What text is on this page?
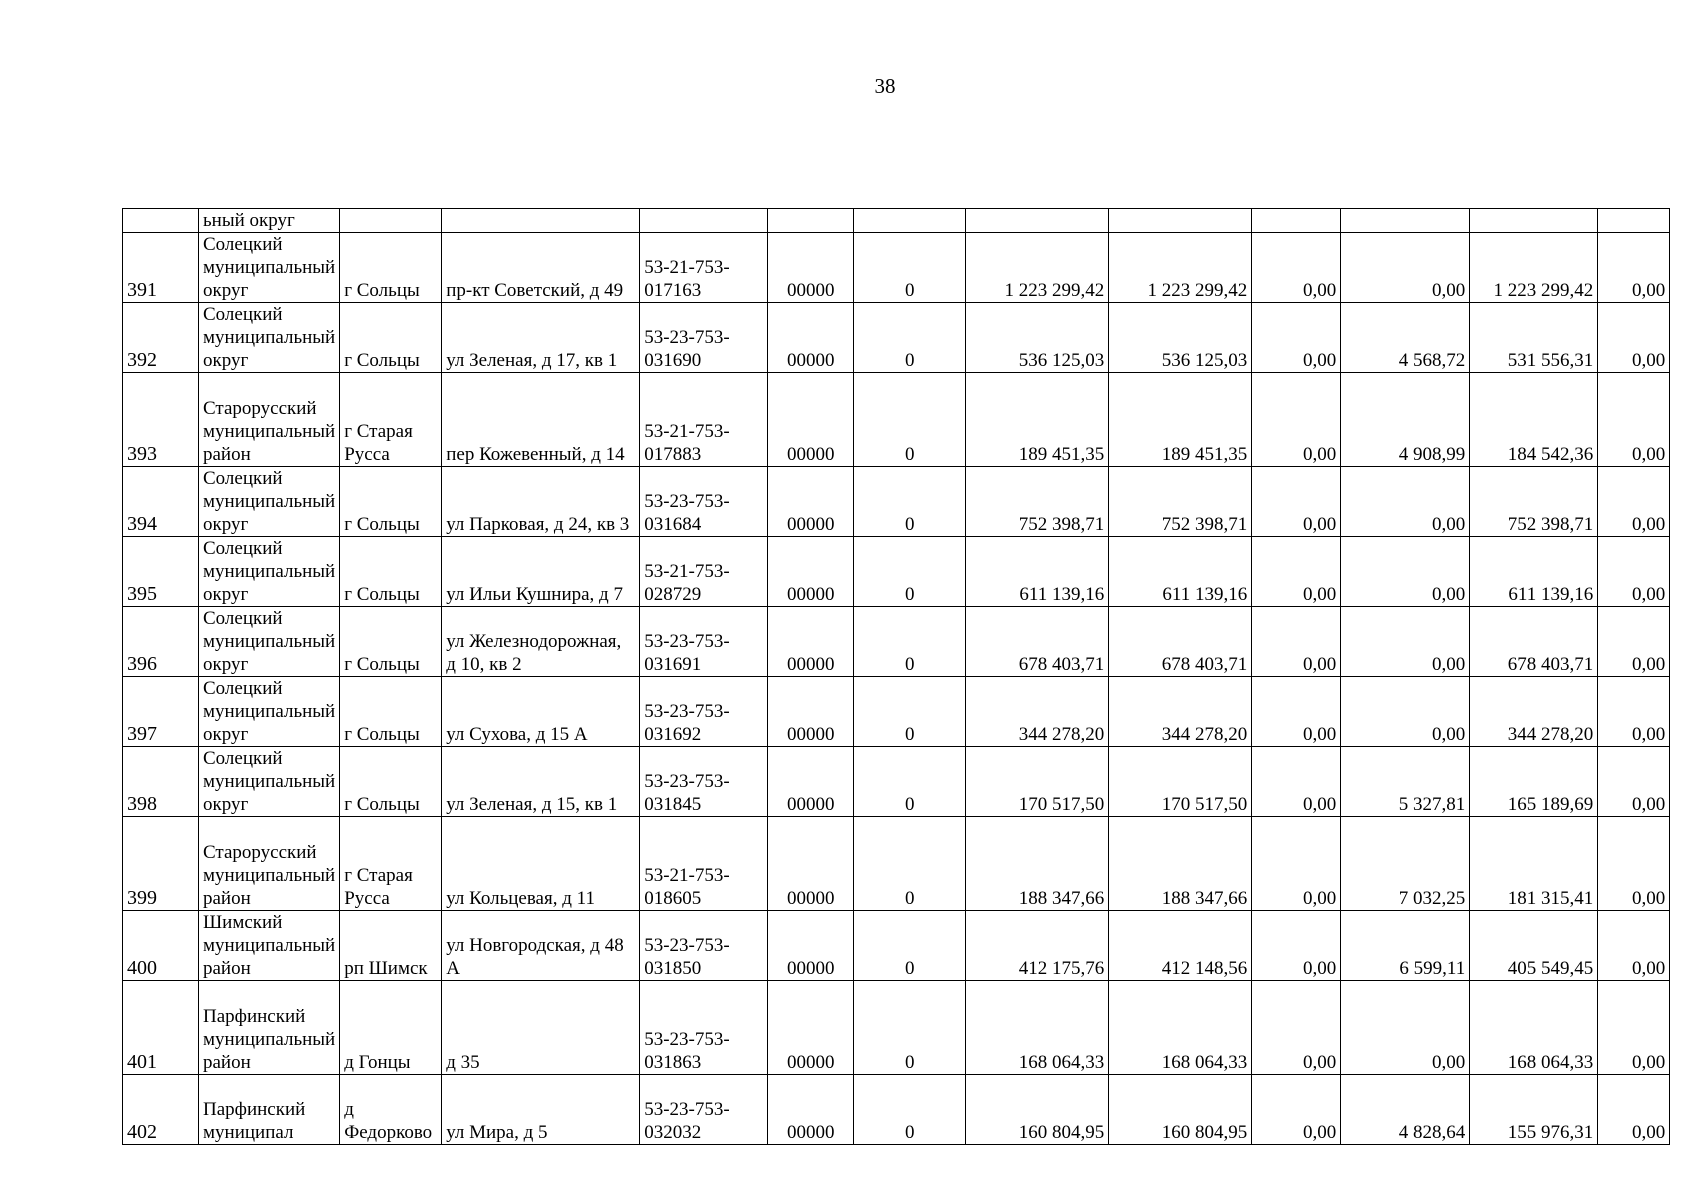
38
	ьный округ											
391	Солецкий муниципальный округ	г Сольцы	пр-кт Советский, д 49	53-21-753-017163	00000	0	1 223 299,42	1 223 299,42	0,00	0,00	1 223 299,42	0,00
392	Солецкий муниципальный округ	г Сольцы	ул Зеленая, д 17, кв 1	53-23-753-031690	00000	0	536 125,03	536 125,03	0,00	4 568,72	531 556,31	0,00
393	Старорусский муниципальный район	г Старая Русса	пер Кожевенный, д 14	53-21-753-017883	00000	0	189 451,35	189 451,35	0,00	4 908,99	184 542,36	0,00
394	Солецкий муниципальный округ	г Сольцы	ул Парковая, д 24, кв 3	53-23-753-031684	00000	0	752 398,71	752 398,71	0,00	0,00	752 398,71	0,00
395	Солецкий муниципальный округ	г Сольцы	ул Ильи Кушнира, д 7	53-21-753-028729	00000	0	611 139,16	611 139,16	0,00	0,00	611 139,16	0,00
396	Солецкий муниципальный округ	г Сольцы	ул Железнодорожная, д 10, кв 2	53-23-753-031691	00000	0	678 403,71	678 403,71	0,00	0,00	678 403,71	0,00
397	Солецкий муниципальный округ	г Сольцы	ул Сухова, д 15 А	53-23-753-031692	00000	0	344 278,20	344 278,20	0,00	0,00	344 278,20	0,00
398	Солецкий муниципальный округ	г Сольцы	ул Зеленая, д 15, кв 1	53-23-753-031845	00000	0	170 517,50	170 517,50	0,00	5 327,81	165 189,69	0,00
399	Старорусский муниципальный район	г Старая Русса	ул Кольцевая, д 11	53-21-753-018605	00000	0	188 347,66	188 347,66	0,00	7 032,25	181 315,41	0,00
400	Шимский муниципальный район	рп Шимск	ул Новгородская, д 48 А	53-23-753-031850	00000	0	412 175,76	412 148,56	0,00	6 599,11	405 549,45	0,00
401	Парфинский муниципальный район	д Гонцы	д 35	53-23-753-031863	00000	0	168 064,33	168 064,33	0,00	0,00	168 064,33	0,00
402	Парфинский муниципал	д Федорково	ул Мира, д 5	53-23-753-032032	00000	0	160 804,95	160 804,95	0,00	4 828,64	155 976,31	0,00
